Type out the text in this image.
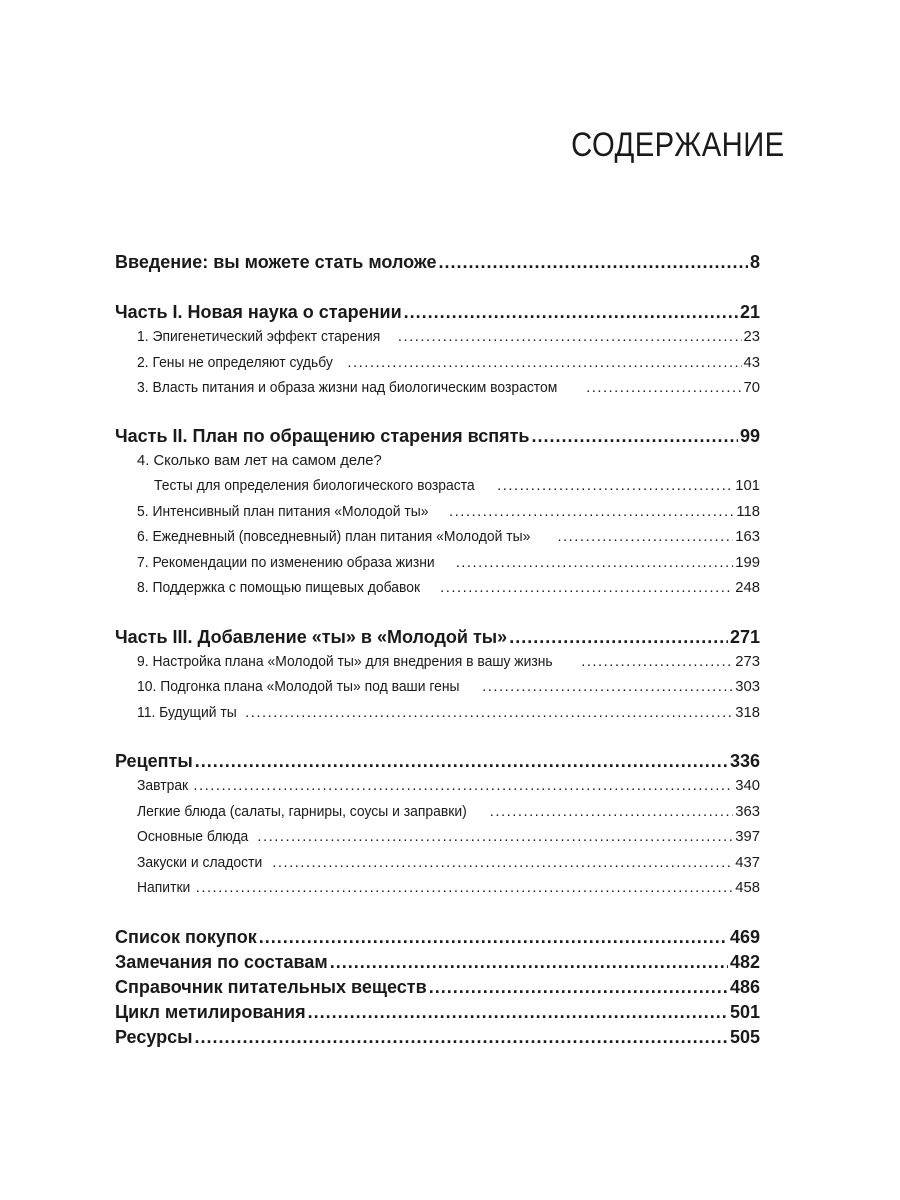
СОДЕРЖАНИЕ
Введение: вы можете стать моложе .....	8
Часть I. Новая наука о старении .....	21
1. Эпигенетический эффект старения .....	23
2. Гены не определяют судьбу .....	43
3. Власть питания и образа жизни над биологическим возрастом .....	70
Часть II. План по обращению старения вспять .....	99
4. Сколько вам лет на самом деле?
Тесты для определения биологического возраста .....	101
5. Интенсивный план питания «Молодой ты» .....	118
6. Ежедневный (повседневный) план питания «Молодой ты» .....	163
7. Рекомендации по изменению образа жизни .....	199
8. Поддержка с помощью пищевых добавок .....	248
Часть III. Добавление «ты» в «Молодой ты» .....	271
9. Настройка плана «Молодой ты» для внедрения в вашу жизнь .....	273
10. Подгонка плана «Молодой ты» под ваши гены .....	303
11. Будущий ты .....	318
Рецепты .....	336
Завтрак .....	340
Легкие блюда (салаты, гарниры, соусы и заправки) .....	363
Основные блюда .....	397
Закуски и сладости .....	437
Напитки .....	458
Список покупок .....	469
Замечания по составам .....	482
Справочник питательных веществ .....	486
Цикл метилирования .....	501
Ресурсы .....	505
